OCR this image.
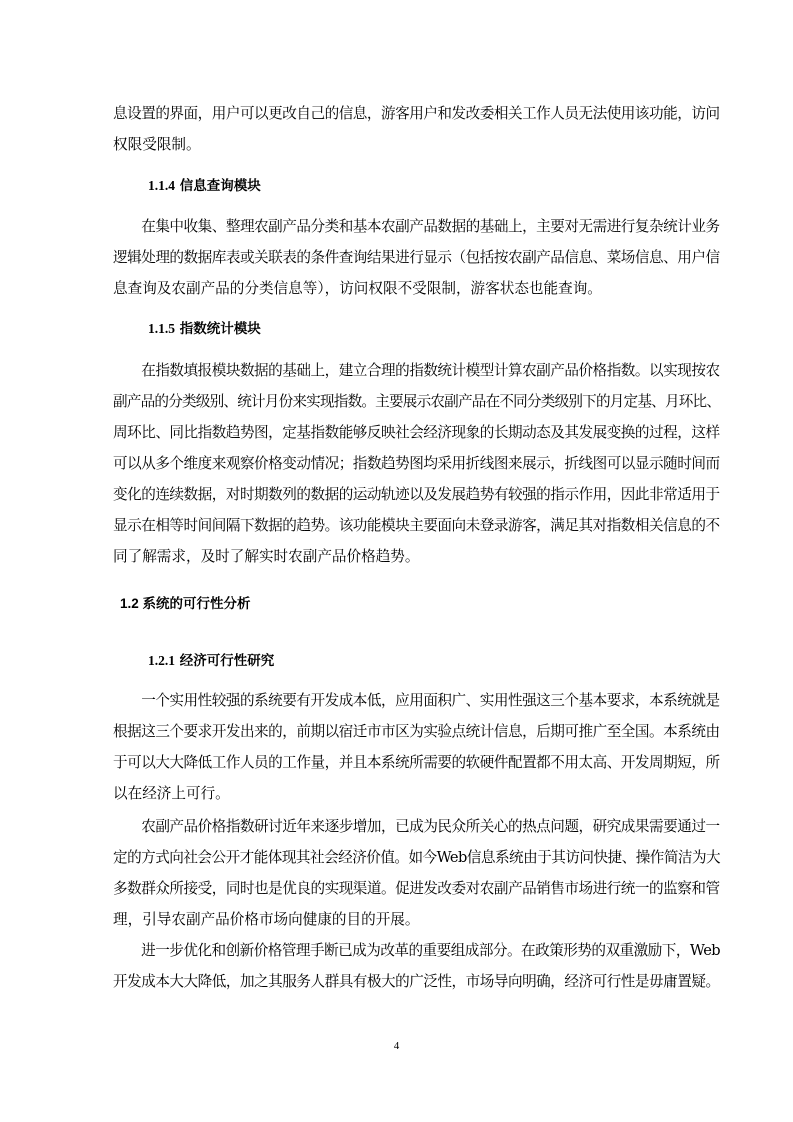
息设置的界面，用户可以更改自己的信息，游客用户和发改委相关工作人员无法使用该功能，访问
权限受限制。
1.1.4 信息查询模块
　　在集中收集、整理农副产品分类和基本农副产品数据的基础上，主要对无需进行复杂统计业务
逻辑处理的数据库表或关联表的条件查询结果进行显示（包括按农副产品信息、菜场信息、用户信
息查询及农副产品的分类信息等），访问权限不受限制，游客状态也能查询。
1.1.5 指数统计模块
　　在指数填报模块数据的基础上，建立合理的指数统计模型计算农副产品价格指数。以实现按农
副产品的分类级别、统计月份来实现指数。主要展示农副产品在不同分类级别下的月定基、月环比、
周环比、同比指数趋势图，定基指数能够反映社会经济现象的长期动态及其发展变换的过程，这样
可以从多个维度来观察价格变动情况；指数趋势图均采用折线图来展示，折线图可以显示随时间而
变化的连续数据，对时期数列的数据的运动轨迹以及发展趋势有较强的指示作用，因此非常适用于
显示在相等时间间隔下数据的趋势。该功能模块主要面向未登录游客，满足其对指数相关信息的不
同了解需求，及时了解实时农副产品价格趋势。
1.2 系统的可行性分析
1.2.1 经济可行性研究
　　一个实用性较强的系统要有开发成本低，应用面积广、实用性强这三个基本要求，本系统就是
根据这三个要求开发出来的，前期以宿迁市市区为实验点统计信息，后期可推广至全国。本系统由
于可以大大降低工作人员的工作量，并且本系统所需要的软硬件配置都不用太高、开发周期短，所
以在经济上可行。
　　农副产品价格指数研讨近年来逐步增加，已成为民众所关心的热点问题，研究成果需要通过一
定的方式向社会公开才能体现其社会经济价值。如今Web信息系统由于其访问快捷、操作简洁为大
多数群众所接受，同时也是优良的实现渠道。促进发改委对农副产品销售市场进行统一的监察和管
理，引导农副产品价格市场向健康的目的开展。
　　进一步优化和创新价格管理手断已成为改革的重要组成部分。在政策形势的双重激励下，Web
开发成本大大降低，加之其服务人群具有极大的广泛性，市场导向明确，经济可行性是毋庸置疑。
4
